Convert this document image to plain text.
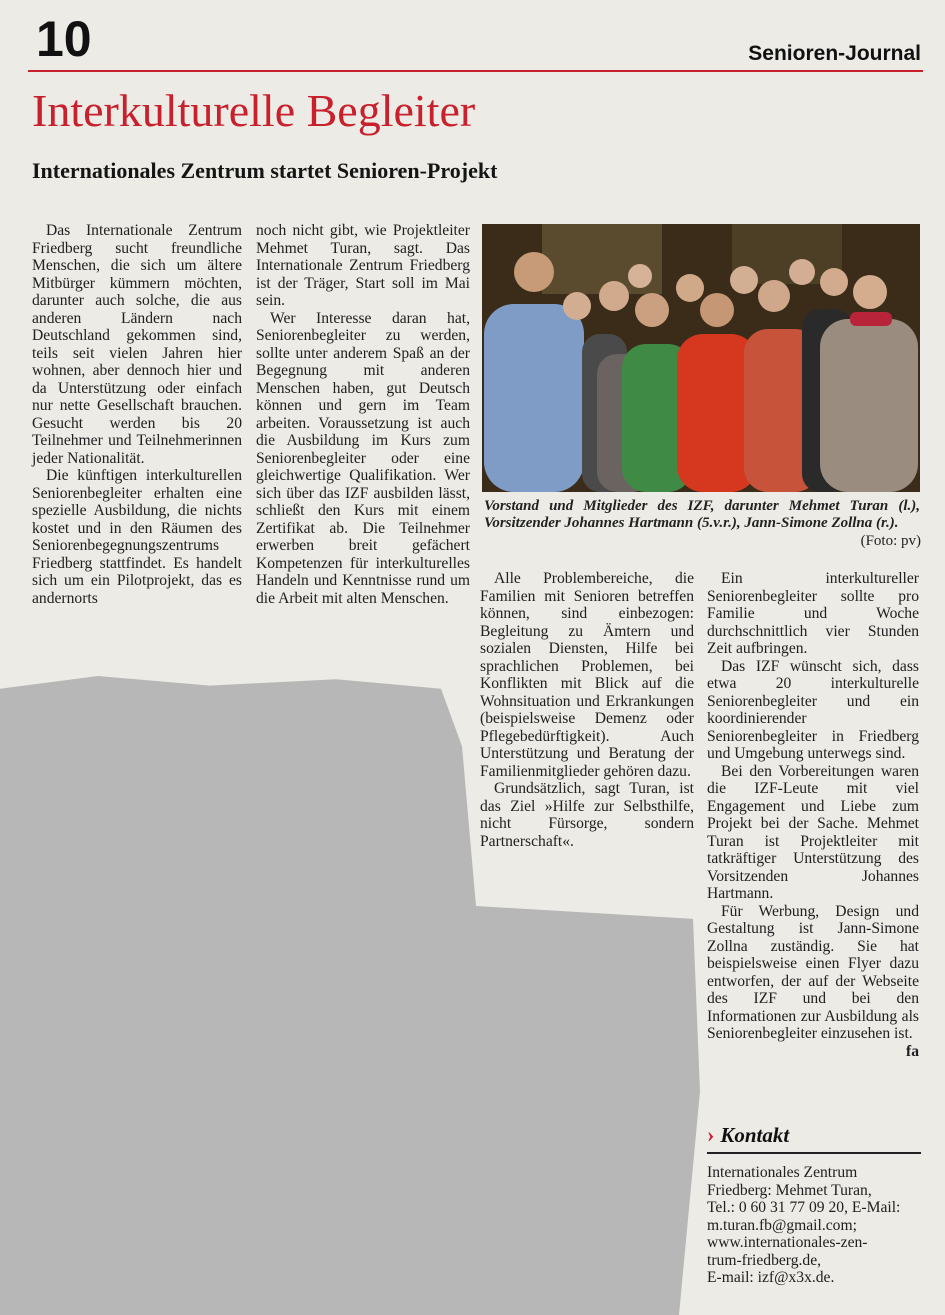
10	Senioren-Journal
Interkulturelle Begleiter
Internationales Zentrum startet Senioren-Projekt

Das Internationale Zentrum Friedberg sucht freundliche Menschen, die sich um ältere Mitbürger kümmern möchten, darunter auch solche, die aus anderen Ländern nach Deutschland gekommen sind, teils seit vielen Jahren hier wohnen, aber dennoch hier und da Unterstützung oder einfach nur nette Gesellschaft brauchen. Gesucht werden bis 20 Teilnehmer und Teilnehmerinnen jeder Nationalität.

Die künftigen interkulturellen Seniorenbegleiter erhalten eine spezielle Ausbildung, die nichts kostet und in den Räumen des Seniorenbegegnungszentrums Friedberg stattfindet. Es handelt sich um ein Pilotprojekt, das es andernorts

noch nicht gibt, wie Projektleiter Mehmet Turan, sagt. Das Internationale Zentrum Friedberg ist der Träger, Start soll im Mai sein.

Wer Interesse daran hat, Seniorenbegleiter zu werden, sollte unter anderem Spaß an der Begegnung mit anderen Menschen haben, gut Deutsch können und gern im Team arbeiten. Voraussetzung ist auch die Ausbildung im Kurs zum Seniorenbegleiter oder eine gleichwertige Qualifikation. Wer sich über das IZF ausbilden lässt, schließt den Kurs mit einem Zertifikat ab. Die Teilnehmer erwerben breit gefächert Kompetenzen für interkulturelles Handeln und Kenntnisse rund um die Arbeit mit alten Menschen.

Vorstand und Mitglieder des IZF, darunter Mehmet Turan (l.), Vorsitzender Johannes Hartmann (5.v.r.), Jann-Simone Zollna (r.).
(Foto: pv)

Alle Problembereiche, die Familien mit Senioren betreffen können, sind einbezogen: Begleitung zu Ämtern und sozialen Diensten, Hilfe bei sprachlichen Problemen, bei Konflikten mit Blick auf die Wohnsituation und Erkrankungen (beispielsweise Demenz oder Pflegebedürftigkeit). Auch Unterstützung und Beratung der Familienmitglieder gehören dazu.

Grundsätzlich, sagt Turan, ist das Ziel »Hilfe zur Selbsthilfe, nicht Fürsorge, sondern Partnerschaft«.

Ein interkultureller Seniorenbegleiter sollte pro Familie und Woche durchschnittlich vier Stunden Zeit aufbringen.

Das IZF wünscht sich, dass etwa 20 interkulturelle Seniorenbegleiter und ein koordinierender Seniorenbegleiter in Friedberg und Umgebung unterwegs sind.

Bei den Vorbereitungen waren die IZF-Leute mit viel Engagement und Liebe zum Projekt bei der Sache. Mehmet Turan ist Projektleiter mit tatkräftiger Unterstützung des Vorsitzenden Johannes Hartmann.

Für Werbung, Design und Gestaltung ist Jann-Simone Zollna zuständig. Sie hat beispielsweise einen Flyer dazu entworfen, der auf der Webseite des IZF und bei den Informationen zur Ausbildung als Seniorenbegleiter einzusehen ist.
fa

› Kontakt
Internationales Zentrum
Friedberg: Mehmet Turan,
Tel.: 0 60 31 77 09 20, E-Mail:
m.turan.fb@gmail.com;
www.internationales-zen-
trum-friedberg.de,
E-mail: izf@x3x.de.
